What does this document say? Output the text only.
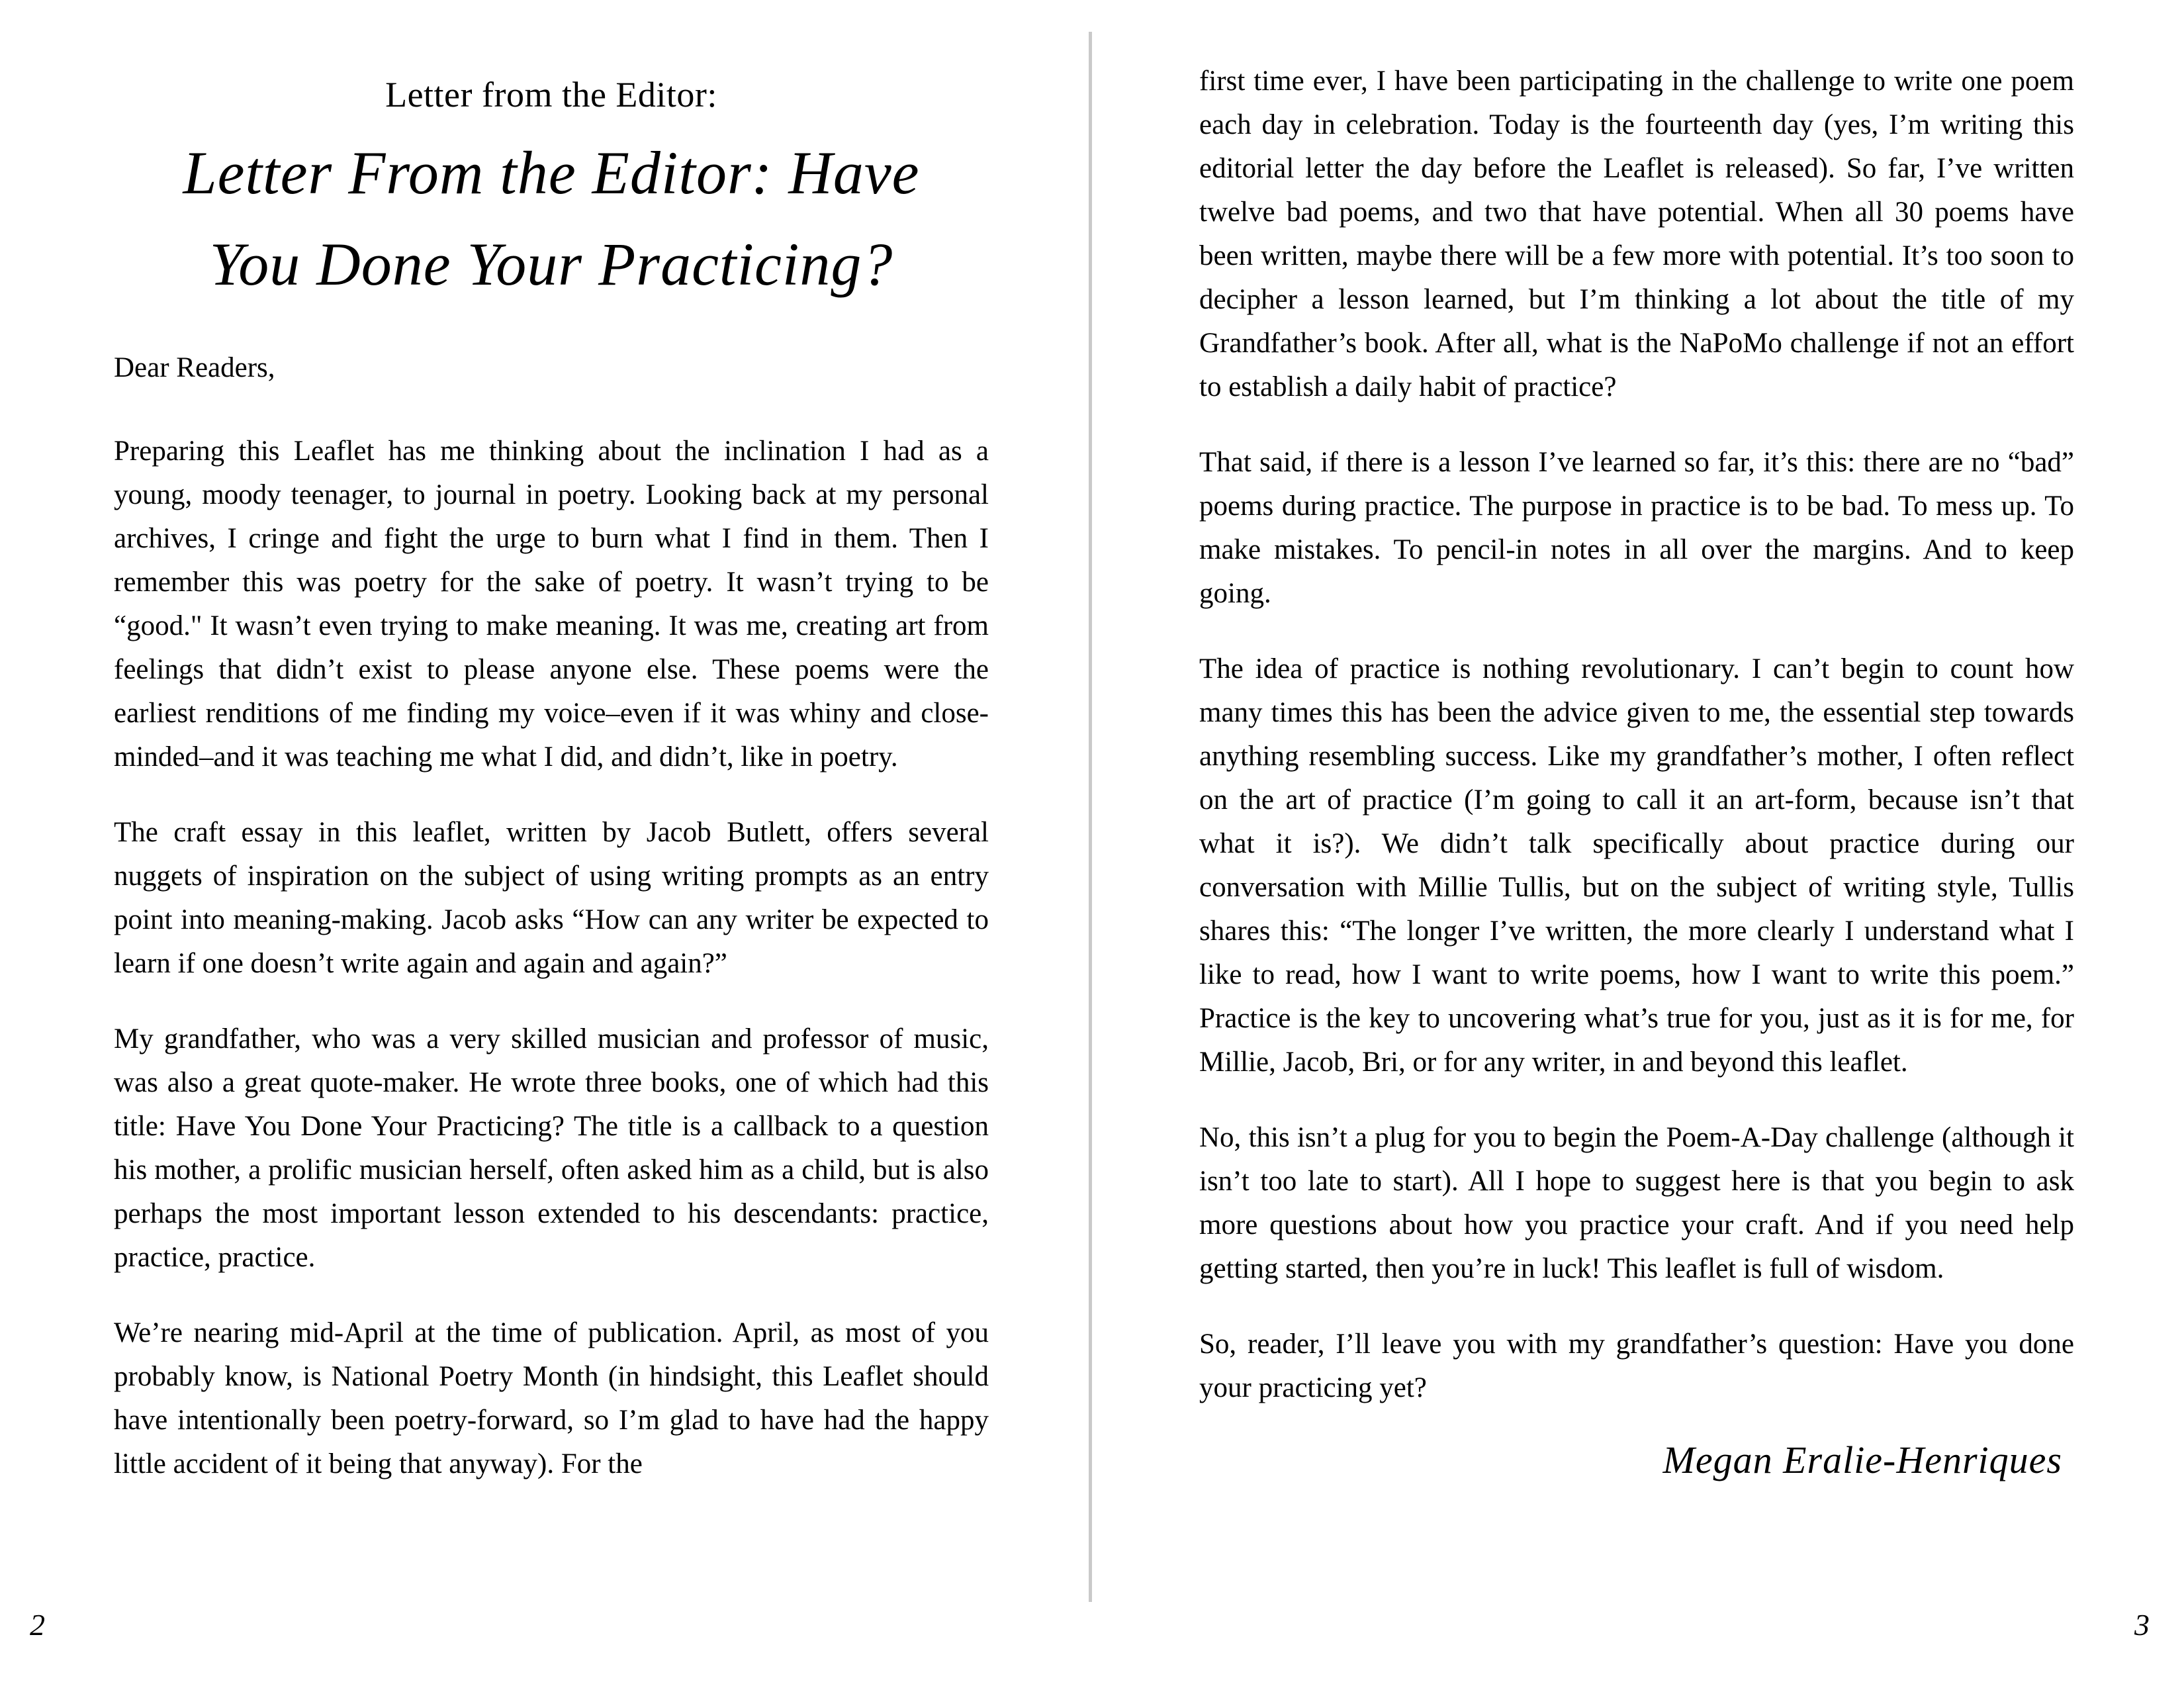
Letter from the Editor:
Letter From the Editor: Have You Done Your Practicing?

Dear Readers,

Preparing this Leaflet has me thinking about the inclination I had as a young, moody teenager, to journal in poetry. Looking back at my personal archives, I cringe and fight the urge to burn what I find in them. Then I remember this was poetry for the sake of poetry. It wasn’t trying to be “good." It wasn’t even trying to make meaning. It was me, creating art from feelings that didn’t exist to please anyone else. These poems were the earliest renditions of me finding my voice–even if it was whiny and close-minded–and it was teaching me what I did, and didn’t, like in poetry.

The craft essay in this leaflet, written by Jacob Butlett, offers several nuggets of inspiration on the subject of using writing prompts as an entry point into meaning-making. Jacob asks “How can any writer be expected to learn if one doesn’t write again and again and again?”

My grandfather, who was a very skilled musician and professor of music, was also a great quote-maker. He wrote three books, one of which had this title: Have You Done Your Practicing? The title is a callback to a question his mother, a prolific musician herself, often asked him as a child, but is also perhaps the most important lesson extended to his descendants: practice, practice, practice.

We’re nearing mid-April at the time of publication. April, as most of you probably know, is National Poetry Month (in hindsight, this Leaflet should have intentionally been poetry-forward, so I’m glad to have had the happy little accident of it being that anyway). For the

first time ever, I have been participating in the challenge to write one poem each day in celebration. Today is the fourteenth day (yes, I’m writing this editorial letter the day before the Leaflet is released). So far, I’ve written twelve bad poems, and two that have potential. When all 30 poems have been written, maybe there will be a few more with potential. It’s too soon to decipher a lesson learned, but I’m thinking a lot about the title of my Grandfather’s book. After all, what is the NaPoMo challenge if not an effort to establish a daily habit of practice?

That said, if there is a lesson I’ve learned so far, it’s this: there are no “bad” poems during practice. The purpose in practice is to be bad. To mess up. To make mistakes. To pencil-in notes in all over the margins. And to keep going.

The idea of practice is nothing revolutionary. I can’t begin to count how many times this has been the advice given to me, the essential step towards anything resembling success. Like my grandfather’s mother, I often reflect on the art of practice (I’m going to call it an art-form, because isn’t that what it is?). We didn’t talk specifically about practice during our conversation with Millie Tullis, but on the subject of writing style, Tullis shares this: “The longer I’ve written, the more clearly I understand what I like to read, how I want to write poems, how I want to write this poem.” Practice is the key to uncovering what’s true for you, just as it is for me, for Millie, Jacob, Bri, or for any writer, in and beyond this leaflet.

No, this isn’t a plug for you to begin the Poem-A-Day challenge (although it isn’t too late to start). All I hope to suggest here is that you begin to ask more questions about how you practice your craft. And if you need help getting started, then you’re in luck! This leaflet is full of wisdom.

So, reader, I’ll leave you with my grandfather’s question: Have you done your practicing yet?

Megan Eralie-Henriques
2	3
